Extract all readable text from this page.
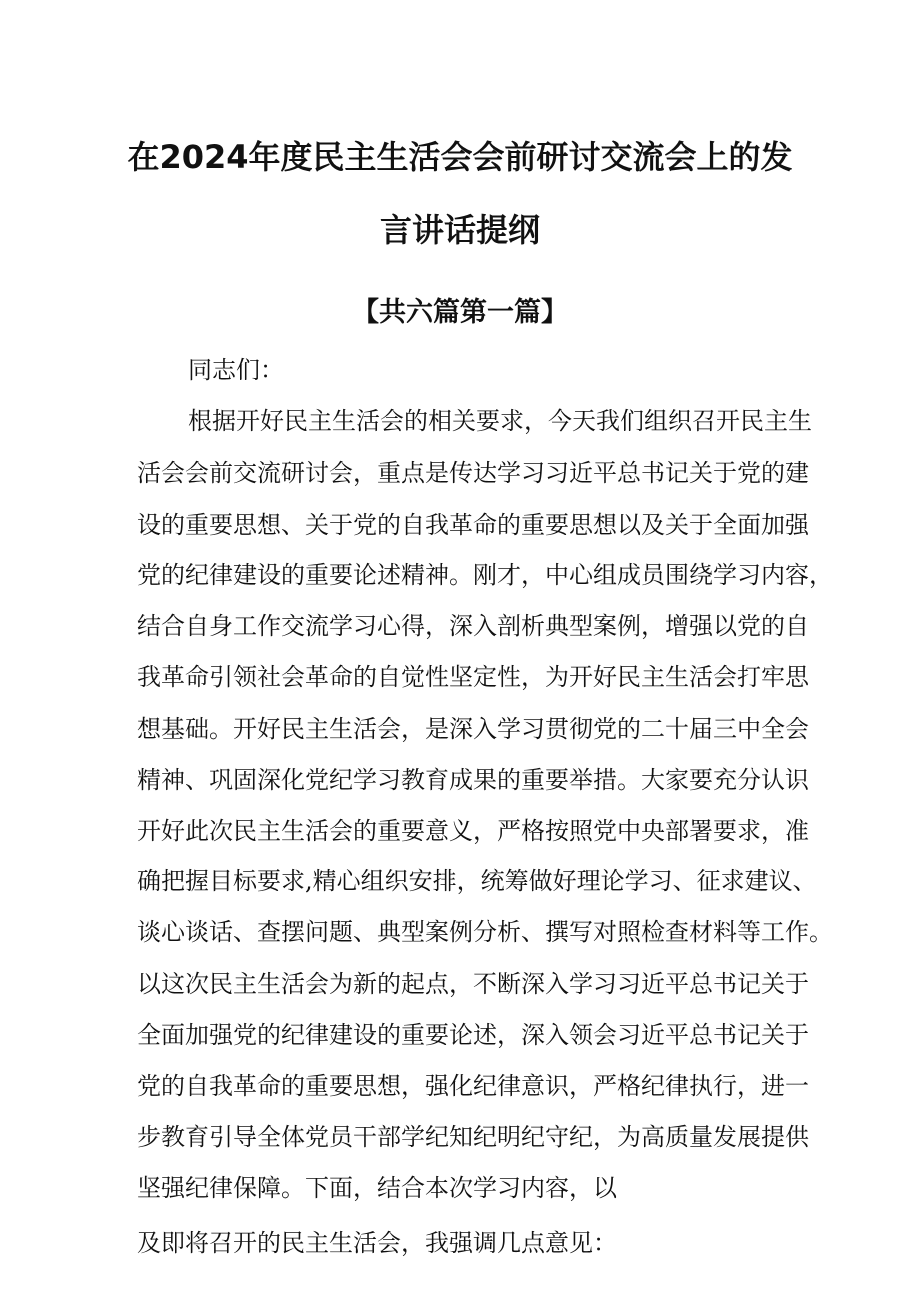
在2024年度民主生活会会前研讨交流会上的发
言讲话提纲
【共六篇第一篇】
同志们：
根据开好民主生活会的相关要求，今天我们组织召开民主生
活会会前交流研讨会，重点是传达学习习近平总书记关于党的建
设的重要思想、关于党的自我革命的重要思想以及关于全面加强
党的纪律建设的重要论述精神。刚才，中心组成员围绕学习内容，
结合自身工作交流学习心得，深入剖析典型案例，增强以党的自
我革命引领社会革命的自觉性坚定性，为开好民主生活会打牢思
想基础。开好民主生活会，是深入学习贯彻党的二十届三中全会
精神、巩固深化党纪学习教育成果的重要举措。大家要充分认识
开好此次民主生活会的重要意义，严格按照党中央部署要求，准
确把握目标要求,精心组织安排，统筹做好理论学习、征求建议、
谈心谈话、查摆问题、典型案例分析、撰写对照检查材料等工作。
以这次民主生活会为新的起点，不断深入学习习近平总书记关于
全面加强党的纪律建设的重要论述，深入领会习近平总书记关于
党的自我革命的重要思想，强化纪律意识，严格纪律执行，进一
步教育引导全体党员干部学纪知纪明纪守纪，为高质量发展提供
坚强纪律保障。下面，结合本次学习内容，以
及即将召开的民主生活会，我强调几点意见：
